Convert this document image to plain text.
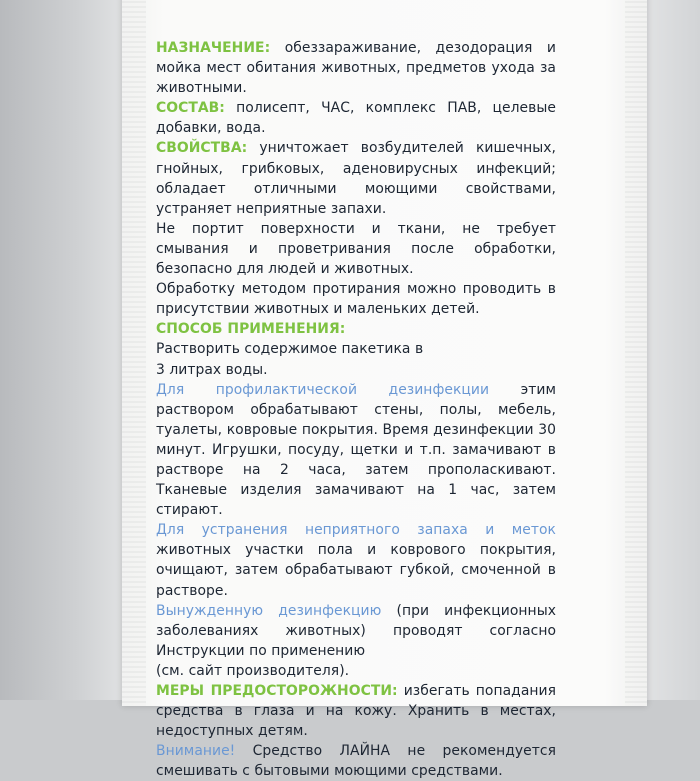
НАЗНАЧЕНИЕ: обеззараживание, дезодорация и мойка мест обитания животных, предметов ухода за животными.

СОСТАВ: полисепт, ЧАС, комплекс ПАВ, целевые добавки, вода.

СВОЙСТВА: уничтожает возбудителей кишечных, гнойных, грибковых, аденовирусных инфекций; обладает отличными моющими свойствами, устраняет неприятные запахи.

Не портит поверхности и ткани, не требует смывания и проветривания после обработки, безопасно для людей и животных.

Обработку методом протирания можно проводить в присутствии животных и маленьких детей.

СПОСОБ ПРИМЕНЕНИЯ:

Растворить содержимое пакетика в

3 литрах воды.

Для профилактической дезинфекции этим раствором обрабатывают стены, полы, мебель, туалеты, ковровые покрытия. Время дезинфекции 30 минут. Игрушки, посуду, щетки и т.п. замачивают в растворе на 2 часа, затем прополаскивают. Тканевые изделия замачивают на 1 час, затем стирают.

Для устранения неприятного запаха и меток животных участки пола и коврового покрытия, очищают, затем обрабатывают губкой, смоченной в растворе.

Вынужденную дезинфекцию (при инфекционных заболеваниях животных) проводят согласно Инструкции по применению

(см. сайт производителя).

МЕРЫ ПРЕДОСТОРОЖНОСТИ: избегать попадания средства в глаза и на кожу. Хранить в местах, недоступных детям.

Внимание! Средство ЛАЙНА не рекомендуется смешивать с бытовыми моющими средствами.
